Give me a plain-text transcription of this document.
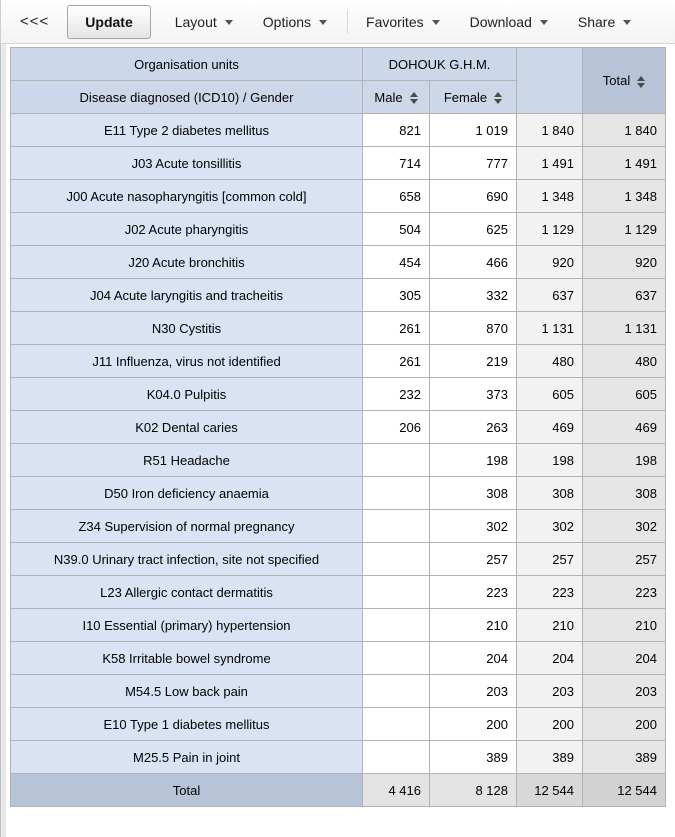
<<<	Update	Layout	Options	Favorites	Download	Share
Organisation units	DOHOUK G.H.M.			Total

Disease diagnosed (ICD10) / Gender	Male	Female		

E11 Type 2 diabetes mellitus	821	1 019	1 840	1 840
J03 Acute tonsillitis	714	777	1 491	1 491
J00 Acute nasopharyngitis [common cold]	658	690	1 348	1 348
J02 Acute pharyngitis	504	625	1 129	1 129
J20 Acute bronchitis	454	466	920	920
J04 Acute laryngitis and tracheitis	305	332	637	637
N30 Cystitis	261	870	1 131	1 131
J11 Influenza, virus not identified	261	219	480	480
K04.0 Pulpitis	232	373	605	605
K02 Dental caries	206	263	469	469
R51 Headache		198	198	198
D50 Iron deficiency anaemia		308	308	308
Z34 Supervision of normal pregnancy		302	302	302
N39.0 Urinary tract infection, site not specified		257	257	257
L23 Allergic contact dermatitis		223	223	223
I10 Essential (primary) hypertension		210	210	210
K58 Irritable bowel syndrome		204	204	204
M54.5 Low back pain		203	203	203
E10 Type 1 diabetes mellitus		200	200	200
M25.5 Pain in joint		389	389	389
Total	4 416	8 128	12 544	12 544
